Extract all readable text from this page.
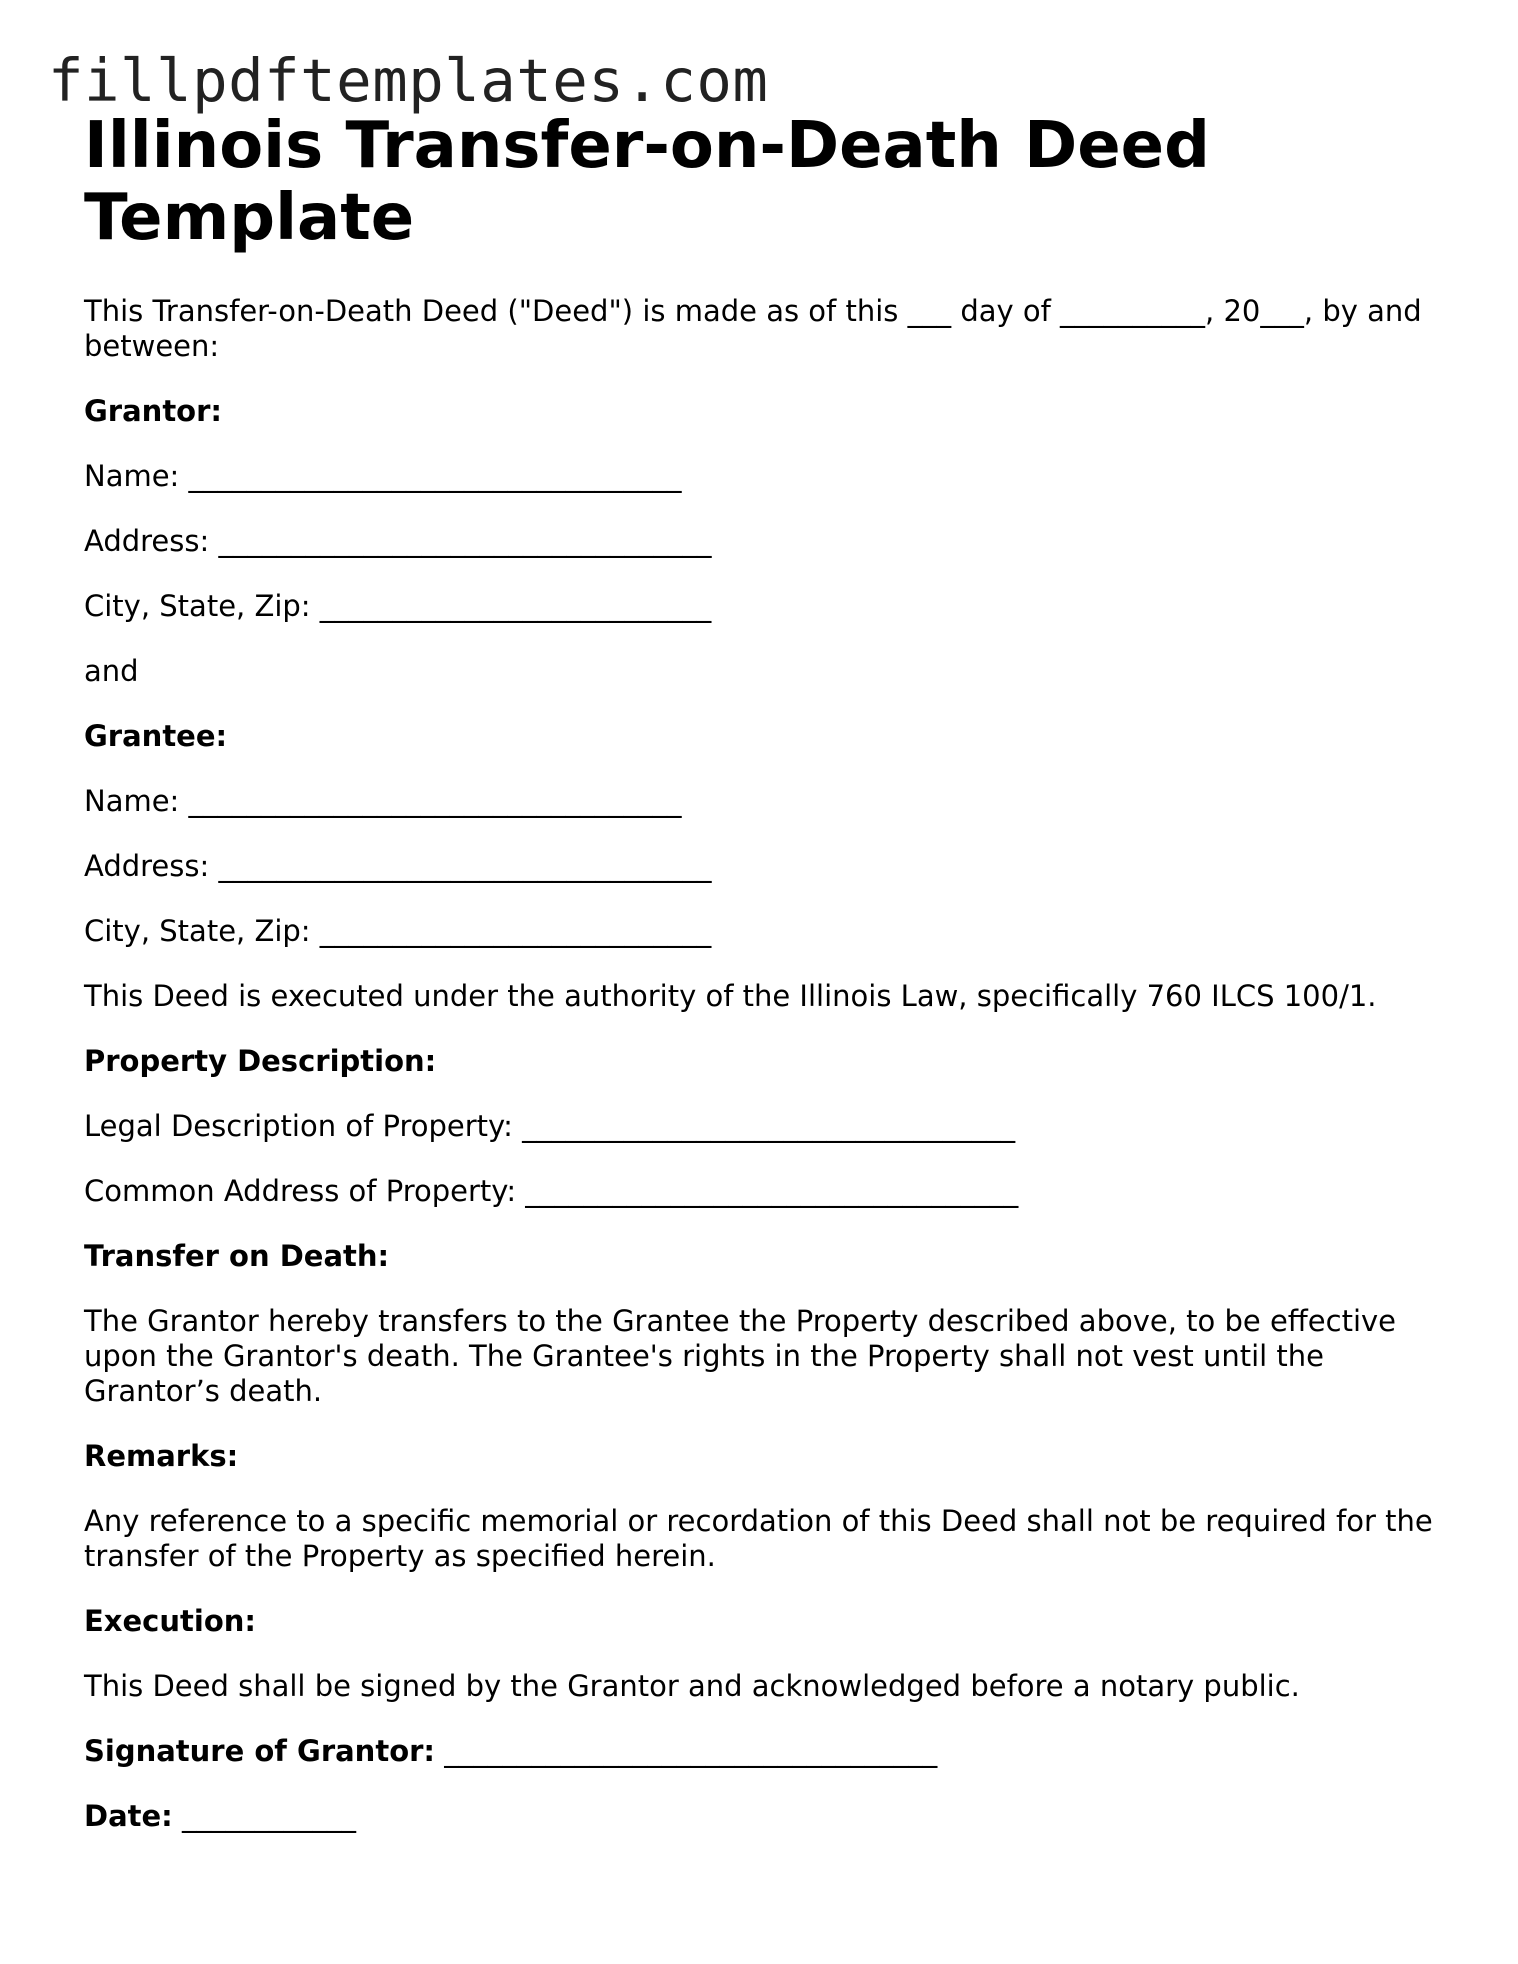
fillpdftemplates.com
Illinois Transfer-on-Death Deed Template

This Transfer-on-Death Deed ("Deed") is made as of this ___ day of __________, 20___, by and between:

Grantor:

Name: __________________________________

Address: __________________________________

City, State, Zip: ___________________________

and

Grantee:

Name: __________________________________

Address: __________________________________

City, State, Zip: ___________________________

This Deed is executed under the authority of the Illinois Law, specifically 760 ILCS 100/1.

Property Description:

Legal Description of Property: __________________________________

Common Address of Property: __________________________________

Transfer on Death:

The Grantor hereby transfers to the Grantee the Property described above, to be effective upon the Grantor's death. The Grantee's rights in the Property shall not vest until the Grantor’s death.

Remarks:

Any reference to a specific memorial or recordation of this Deed shall not be required for the transfer of the Property as specified herein.

Execution:

This Deed shall be signed by the Grantor and acknowledged before a notary public.

Signature of Grantor: __________________________________

Date: ____________
